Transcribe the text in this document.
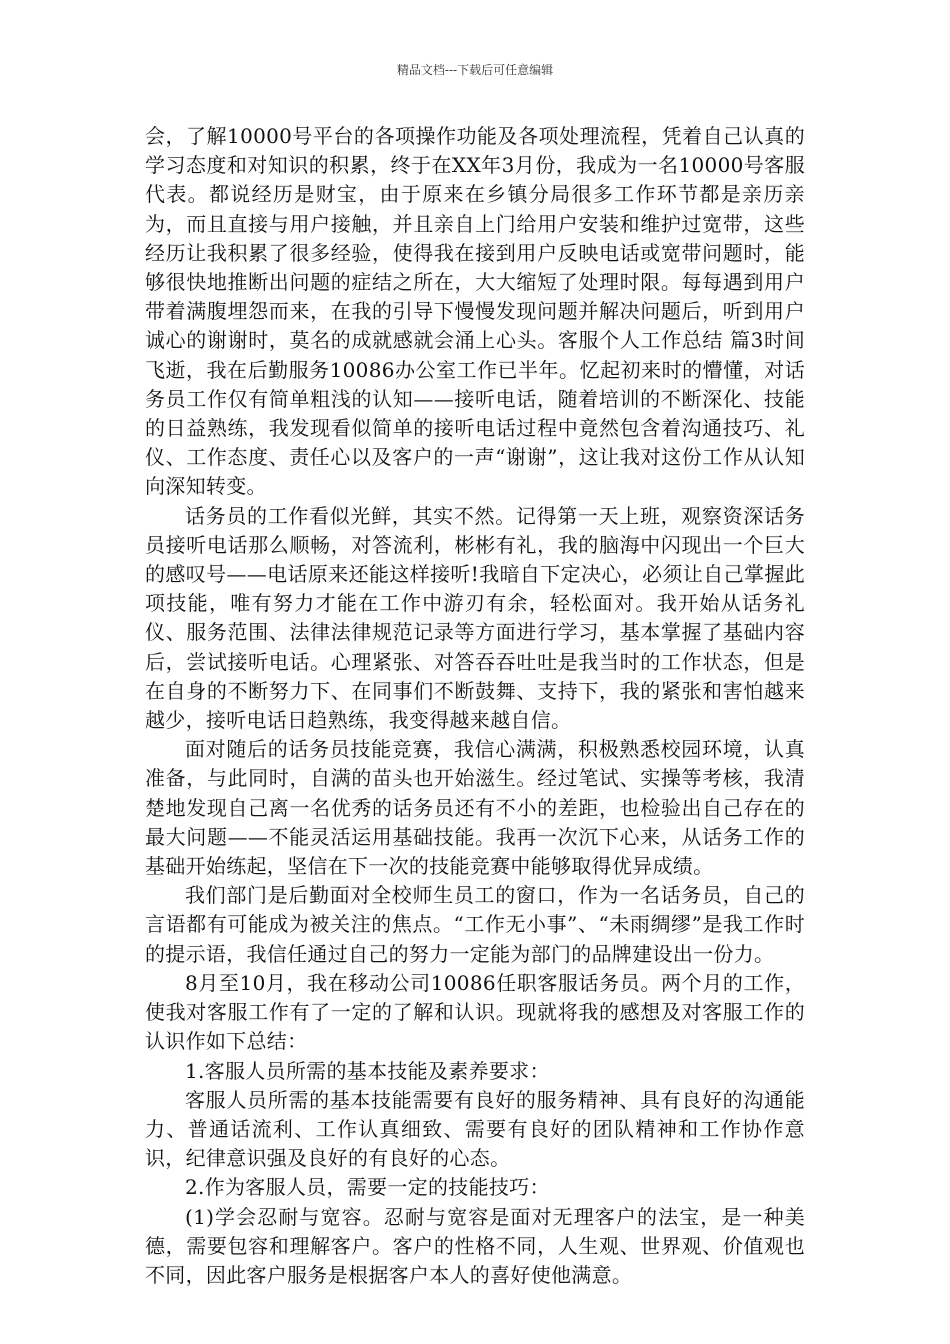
精品文档---下载后可任意编辑

会，了解10000号平台的各项操作功能及各项处理流程，凭着自己认真的学习态度和对知识的积累，终于在XX年3月份，我成为一名10000号客服代表。都说经历是财宝，由于原来在乡镇分局很多工作环节都是亲历亲为，而且直接与用户接触，并且亲自上门给用户安装和维护过宽带，这些经历让我积累了很多经验，使得我在接到用户反映电话或宽带问题时，能够很快地推断出问题的症结之所在，大大缩短了处理时限。每每遇到用户带着满腹埋怨而来，在我的引导下慢慢发现问题并解决问题后，听到用户诚心的谢谢时，莫名的成就感就会涌上心头。客服个人工作总结 篇3时间飞逝，我在后勤服务10086办公室工作已半年。忆起初来时的懵懂，对话务员工作仅有简单粗浅的认知——接听电话，随着培训的不断深化、技能的日益熟练，我发现看似简单的接听电话过程中竟然包含着沟通技巧、礼仪、工作态度、责任心以及客户的一声“谢谢”，这让我对这份工作从认知向深知转变。

话务员的工作看似光鲜，其实不然。记得第一天上班，观察资深话务员接听电话那么顺畅，对答流利，彬彬有礼，我的脑海中闪现出一个巨大的感叹号——电话原来还能这样接听!我暗自下定决心，必须让自己掌握此项技能，唯有努力才能在工作中游刃有余，轻松面对。我开始从话务礼仪、服务范围、法律法律规范记录等方面进行学习，基本掌握了基础内容后，尝试接听电话。心理紧张、对答吞吞吐吐是我当时的工作状态，但是在自身的不断努力下、在同事们不断鼓舞、支持下，我的紧张和害怕越来越少，接听电话日趋熟练，我变得越来越自信。

面对随后的话务员技能竞赛，我信心满满，积极熟悉校园环境，认真准备，与此同时，自满的苗头也开始滋生。经过笔试、实操等考核，我清楚地发现自己离一名优秀的话务员还有不小的差距，也检验出自己存在的最大问题——不能灵活运用基础技能。我再一次沉下心来，从话务工作的基础开始练起，坚信在下一次的技能竞赛中能够取得优异成绩。

我们部门是后勤面对全校师生员工的窗口，作为一名话务员，自己的言语都有可能成为被关注的焦点。“工作无小事”、“未雨绸缪”是我工作时的提示语，我信任通过自己的努力一定能为部门的品牌建设出一份力。

8月至10月，我在移动公司10086任职客服话务员。两个月的工作，使我对客服工作有了一定的了解和认识。现就将我的感想及对客服工作的认识作如下总结：

1.客服人员所需的基本技能及素养要求：

客服人员所需的基本技能需要有良好的服务精神、具有良好的沟通能力、普通话流利、工作认真细致、需要有良好的团队精神和工作协作意识，纪律意识强及良好的有良好的心态。

2.作为客服人员，需要一定的技能技巧：

(1)学会忍耐与宽容。忍耐与宽容是面对无理客户的法宝，是一种美德，需要包容和理解客户。客户的性格不同，人生观、世界观、价值观也不同，因此客户服务是根据客户本人的喜好使他满意。
